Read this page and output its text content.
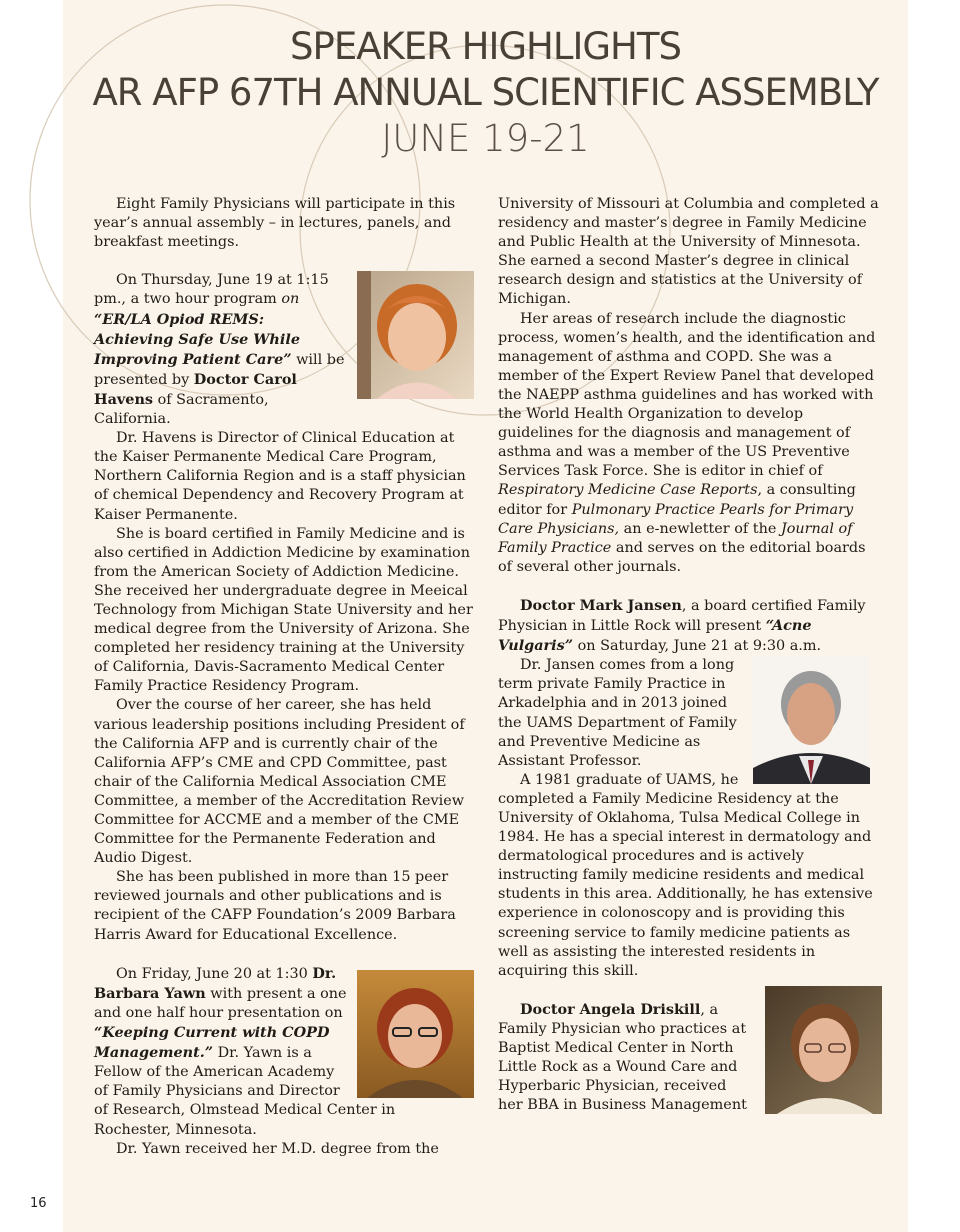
SPEAKER HIGHLIGHTS
AR AFP 67TH ANNUAL SCIENTIFIC ASSEMBLY
JUNE 19-21

Eight Family Physicians will participate in this year’s annual assembly – in lectures, panels, and breakfast meetings.

On Thursday, June 19 at 1:15 pm., a two hour program on “ER/LA Opiod REMS: Achieving Safe Use While Improving Patient Care” will be presented by Doctor Carol Havens of Sacramento, California.

Dr. Havens is Director of Clinical Education at the Kaiser Permanente Medical Care Program, Northern California Region and is a staff physician of chemical Dependency and Recovery Program at Kaiser Permanente.

She is board certified in Family Medicine and is also certified in Addiction Medicine by examination from the American Society of Addiction Medicine. She received her undergraduate degree in Meeical Technology from Michigan State University and her medical degree from the University of Arizona. She completed her residency training at the University of California, Davis-Sacramento Medical Center Family Practice Residency Program.

Over the course of her career, she has held various leadership positions including President of the California AFP and is currently chair of the California AFP’s CME and CPD Committee, past chair of the California Medical Association CME Committee, a member of the Accreditation Review Committee for ACCME and a member of the CME Committee for the Permanente Federation and Audio Digest.

She has been published in more than 15 peer reviewed journals and other publications and is recipient of the CAFP Foundation’s 2009 Barbara Harris Award for Educational Excellence.

On Friday, June 20 at 1:30 Dr. Barbara Yawn with present a one and one half hour presentation on “Keeping Current with COPD Management.” Dr. Yawn is a Fellow of the American Academy of Family Physicians and Director of Research, Olmstead Medical Center in Rochester, Minnesota.

Dr. Yawn received her M.D. degree from the

University of Missouri at Columbia and completed a residency and master’s degree in Family Medicine and Public Health at the University of Minnesota. She earned a second Master’s degree in clinical research design and statistics at the University of Michigan.

Her areas of research include the diagnostic process, women’s health, and the identification and management of asthma and COPD. She was a member of the Expert Review Panel that developed the NAEPP asthma guidelines and has worked with the World Health Organization to develop guidelines for the diagnosis and management of asthma and was a member of the US Preventive Services Task Force. She is editor in chief of Respiratory Medicine Case Reports, a consulting editor for Pulmonary Practice Pearls for Primary Care Physicians, an e-newletter of the Journal of Family Practice and serves on the editorial boards of several other journals.

Doctor Mark Jansen, a board certified Family Physician in Little Rock will present “Acne Vulgaris” on Saturday, June 21 at 9:30 a.m.

Dr. Jansen comes from a long term private Family Practice in Arkadelphia and in 2013 joined the UAMS Department of Family and Preventive Medicine as Assistant Professor.

A 1981 graduate of UAMS, he completed a Family Medicine Residency at the University of Oklahoma, Tulsa Medical College in 1984. He has a special interest in dermatology and dermatological procedures and is actively instructing family medicine residents and medical students in this area. Additionally, he has extensive experience in colonoscopy and is providing this screening service to family medicine patients as well as assisting the interested residents in acquiring this skill.

Doctor Angela Driskill, a Family Physician who practices at Baptist Medical Center in North Little Rock as a Wound Care and Hyperbaric Physician, received her BBA in Business Management

16
